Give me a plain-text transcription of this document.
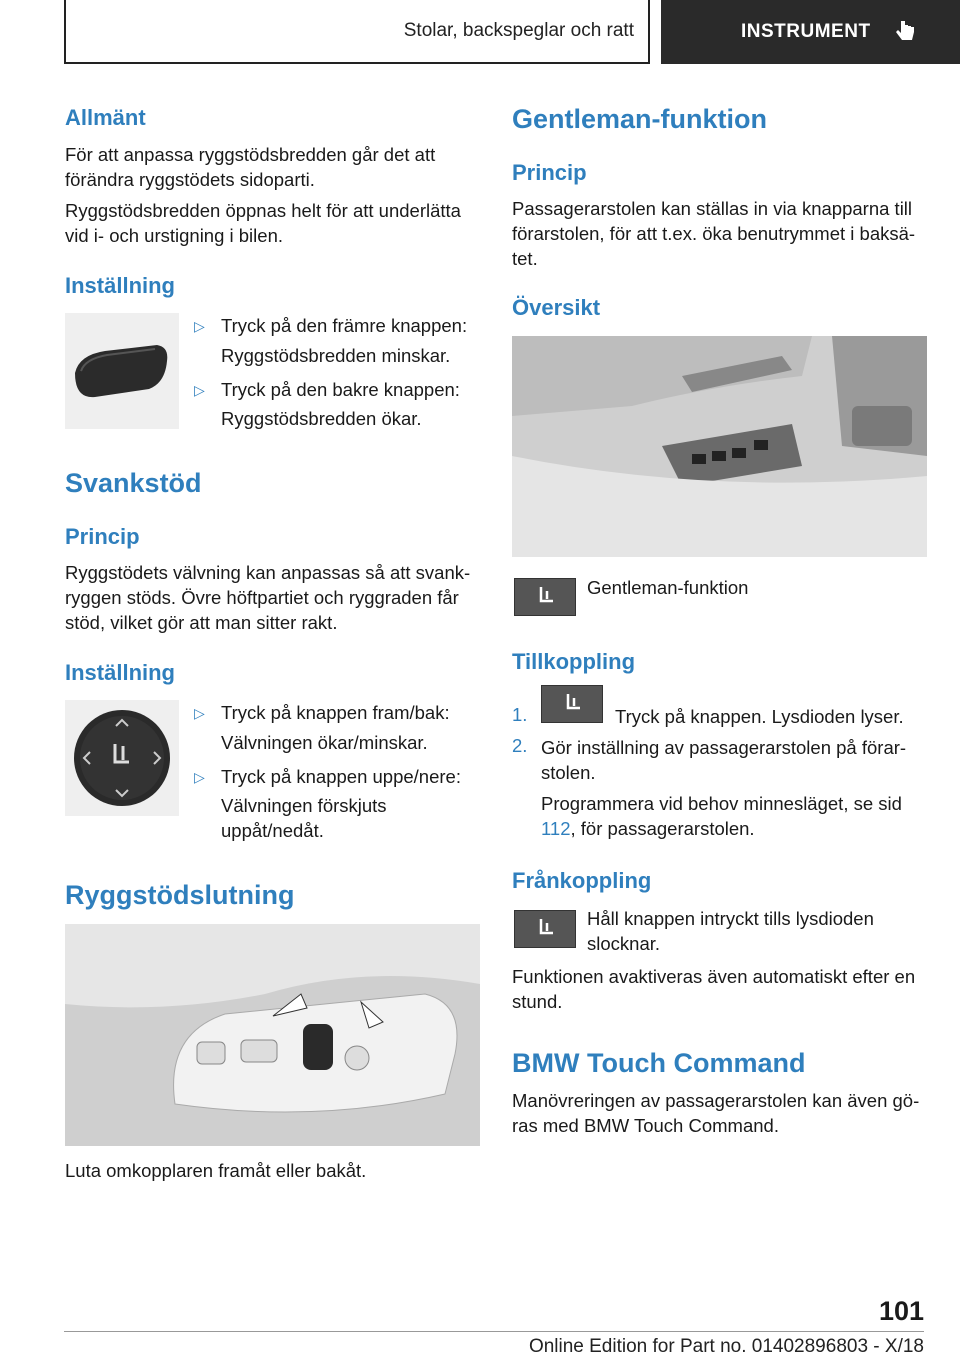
Stolar, backspeglar och ratt	INSTRUMENT
Allmänt

För att anpassa ryggstödsbredden går det att förändra ryggstödets sidoparti.

Ryggstödsbredden öppnas helt för att underlätta vid i- och urstigning i bilen.

Inställning
▷ Tryck på den främre knappen:

Ryggstödsbredden minskar.

▷ Tryck på den bakre knappen:

Ryggstödsbredden ökar.

Svankstöd
Princip

Ryggstödets välvning kan anpassas så att svank-ryggen stöds. Övre höftpartiet och ryggraden får stöd, vilket gör att man sitter rakt.

Inställning
▷ Tryck på knappen fram/bak:

Välvningen ökar/minskar.

▷ Tryck på knappen uppe/nere:

Välvningen förskjuts uppåt/nedåt.

Ryggstödslutning

Luta omkopplaren framåt eller bakåt.

Gentleman-funktion
Princip

Passagerarstolen kan ställas in via knapparna till förarstolen, för att t.ex. öka benutrymmet i baksä-tet.

Översikt

Gentleman-funktion

Tillkoppling
1.	Tryck på knappen. Lysdioden lyser.

2. Gör inställning av passagerarstolen på förar-stolen.

Programmera vid behov minnesläget, se sid 112, för passagerarstolen.

Frånkoppling

Håll knappen intryckt tills lysdioden slocknar.

Funktionen avaktiveras även automatiskt efter en stund.

BMW Touch Command

Manövreringen av passagerarstolen kan även gö-ras med BMW Touch Command.

101
Online Edition for Part no. 01402896803 - X/18
